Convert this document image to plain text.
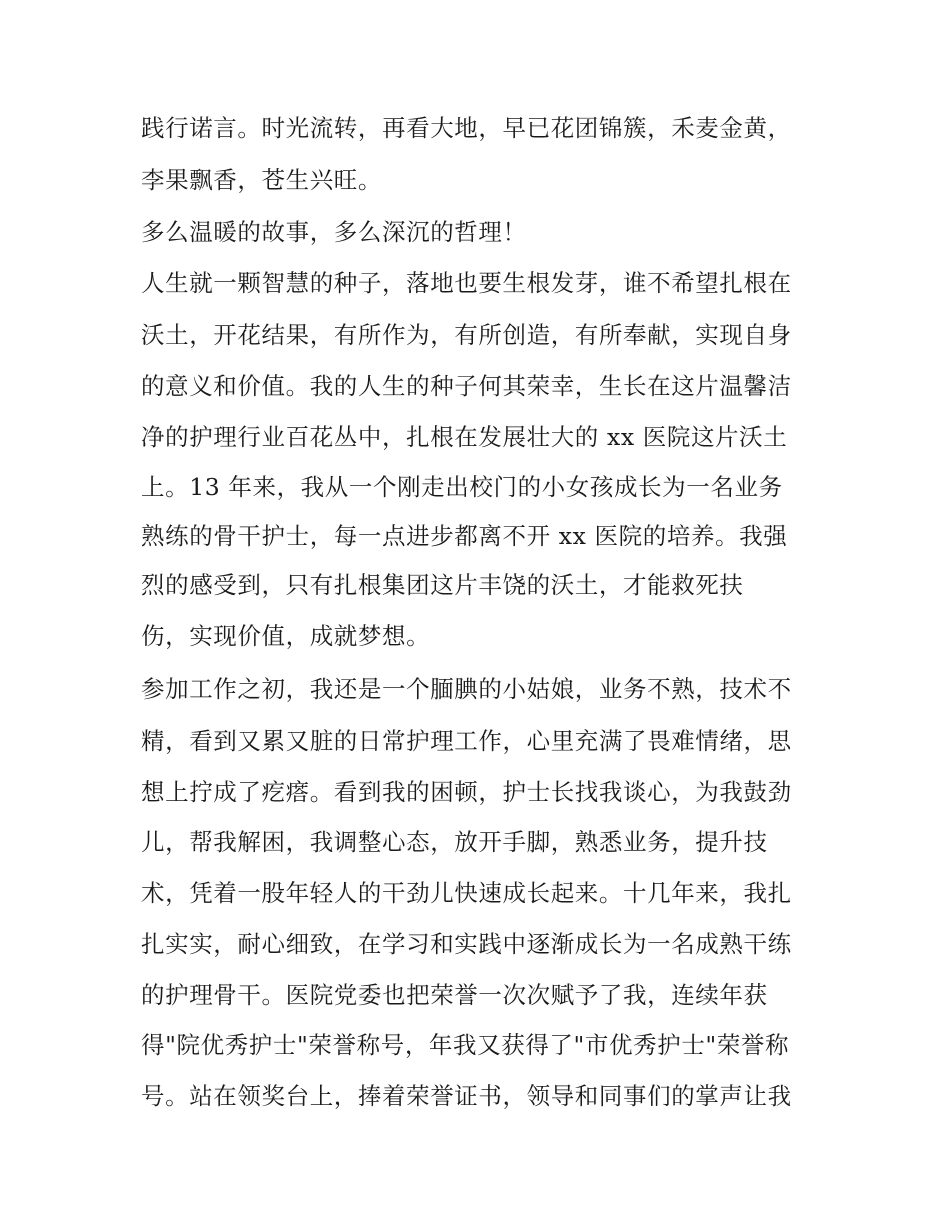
践行诺言。时光流转，再看大地，早已花团锦簇，禾麦金黄，
李果飘香，苍生兴旺。
多么温暖的故事，多么深沉的哲理！
人生就一颗智慧的种子，落地也要生根发芽，谁不希望扎根在
沃土，开花结果，有所作为，有所创造，有所奉献，实现自身
的意义和价值。我的人生的种子何其荣幸，生长在这片温馨洁
净的护理行业百花丛中，扎根在发展壮大的 xx 医院这片沃土
上。13 年来，我从一个刚走出校门的小女孩成长为一名业务
熟练的骨干护士，每一点进步都离不开 xx 医院的培养。我强
烈的感受到，只有扎根集团这片丰饶的沃土，才能救死扶
伤，实现价值，成就梦想。
参加工作之初，我还是一个腼腆的小姑娘，业务不熟，技术不
精，看到又累又脏的日常护理工作，心里充满了畏难情绪，思
想上拧成了疙瘩。看到我的困顿，护士长找我谈心，为我鼓劲
儿，帮我解困，我调整心态，放开手脚，熟悉业务，提升技
术，凭着一股年轻人的干劲儿快速成长起来。十几年来，我扎
扎实实，耐心细致，在学习和实践中逐渐成长为一名成熟干练
的护理骨干。医院党委也把荣誉一次次赋予了我，连续年获
得"院优秀护士"荣誉称号，年我又获得了"市优秀护士"荣誉称
号。站在领奖台上，捧着荣誉证书，领导和同事们的掌声让我
